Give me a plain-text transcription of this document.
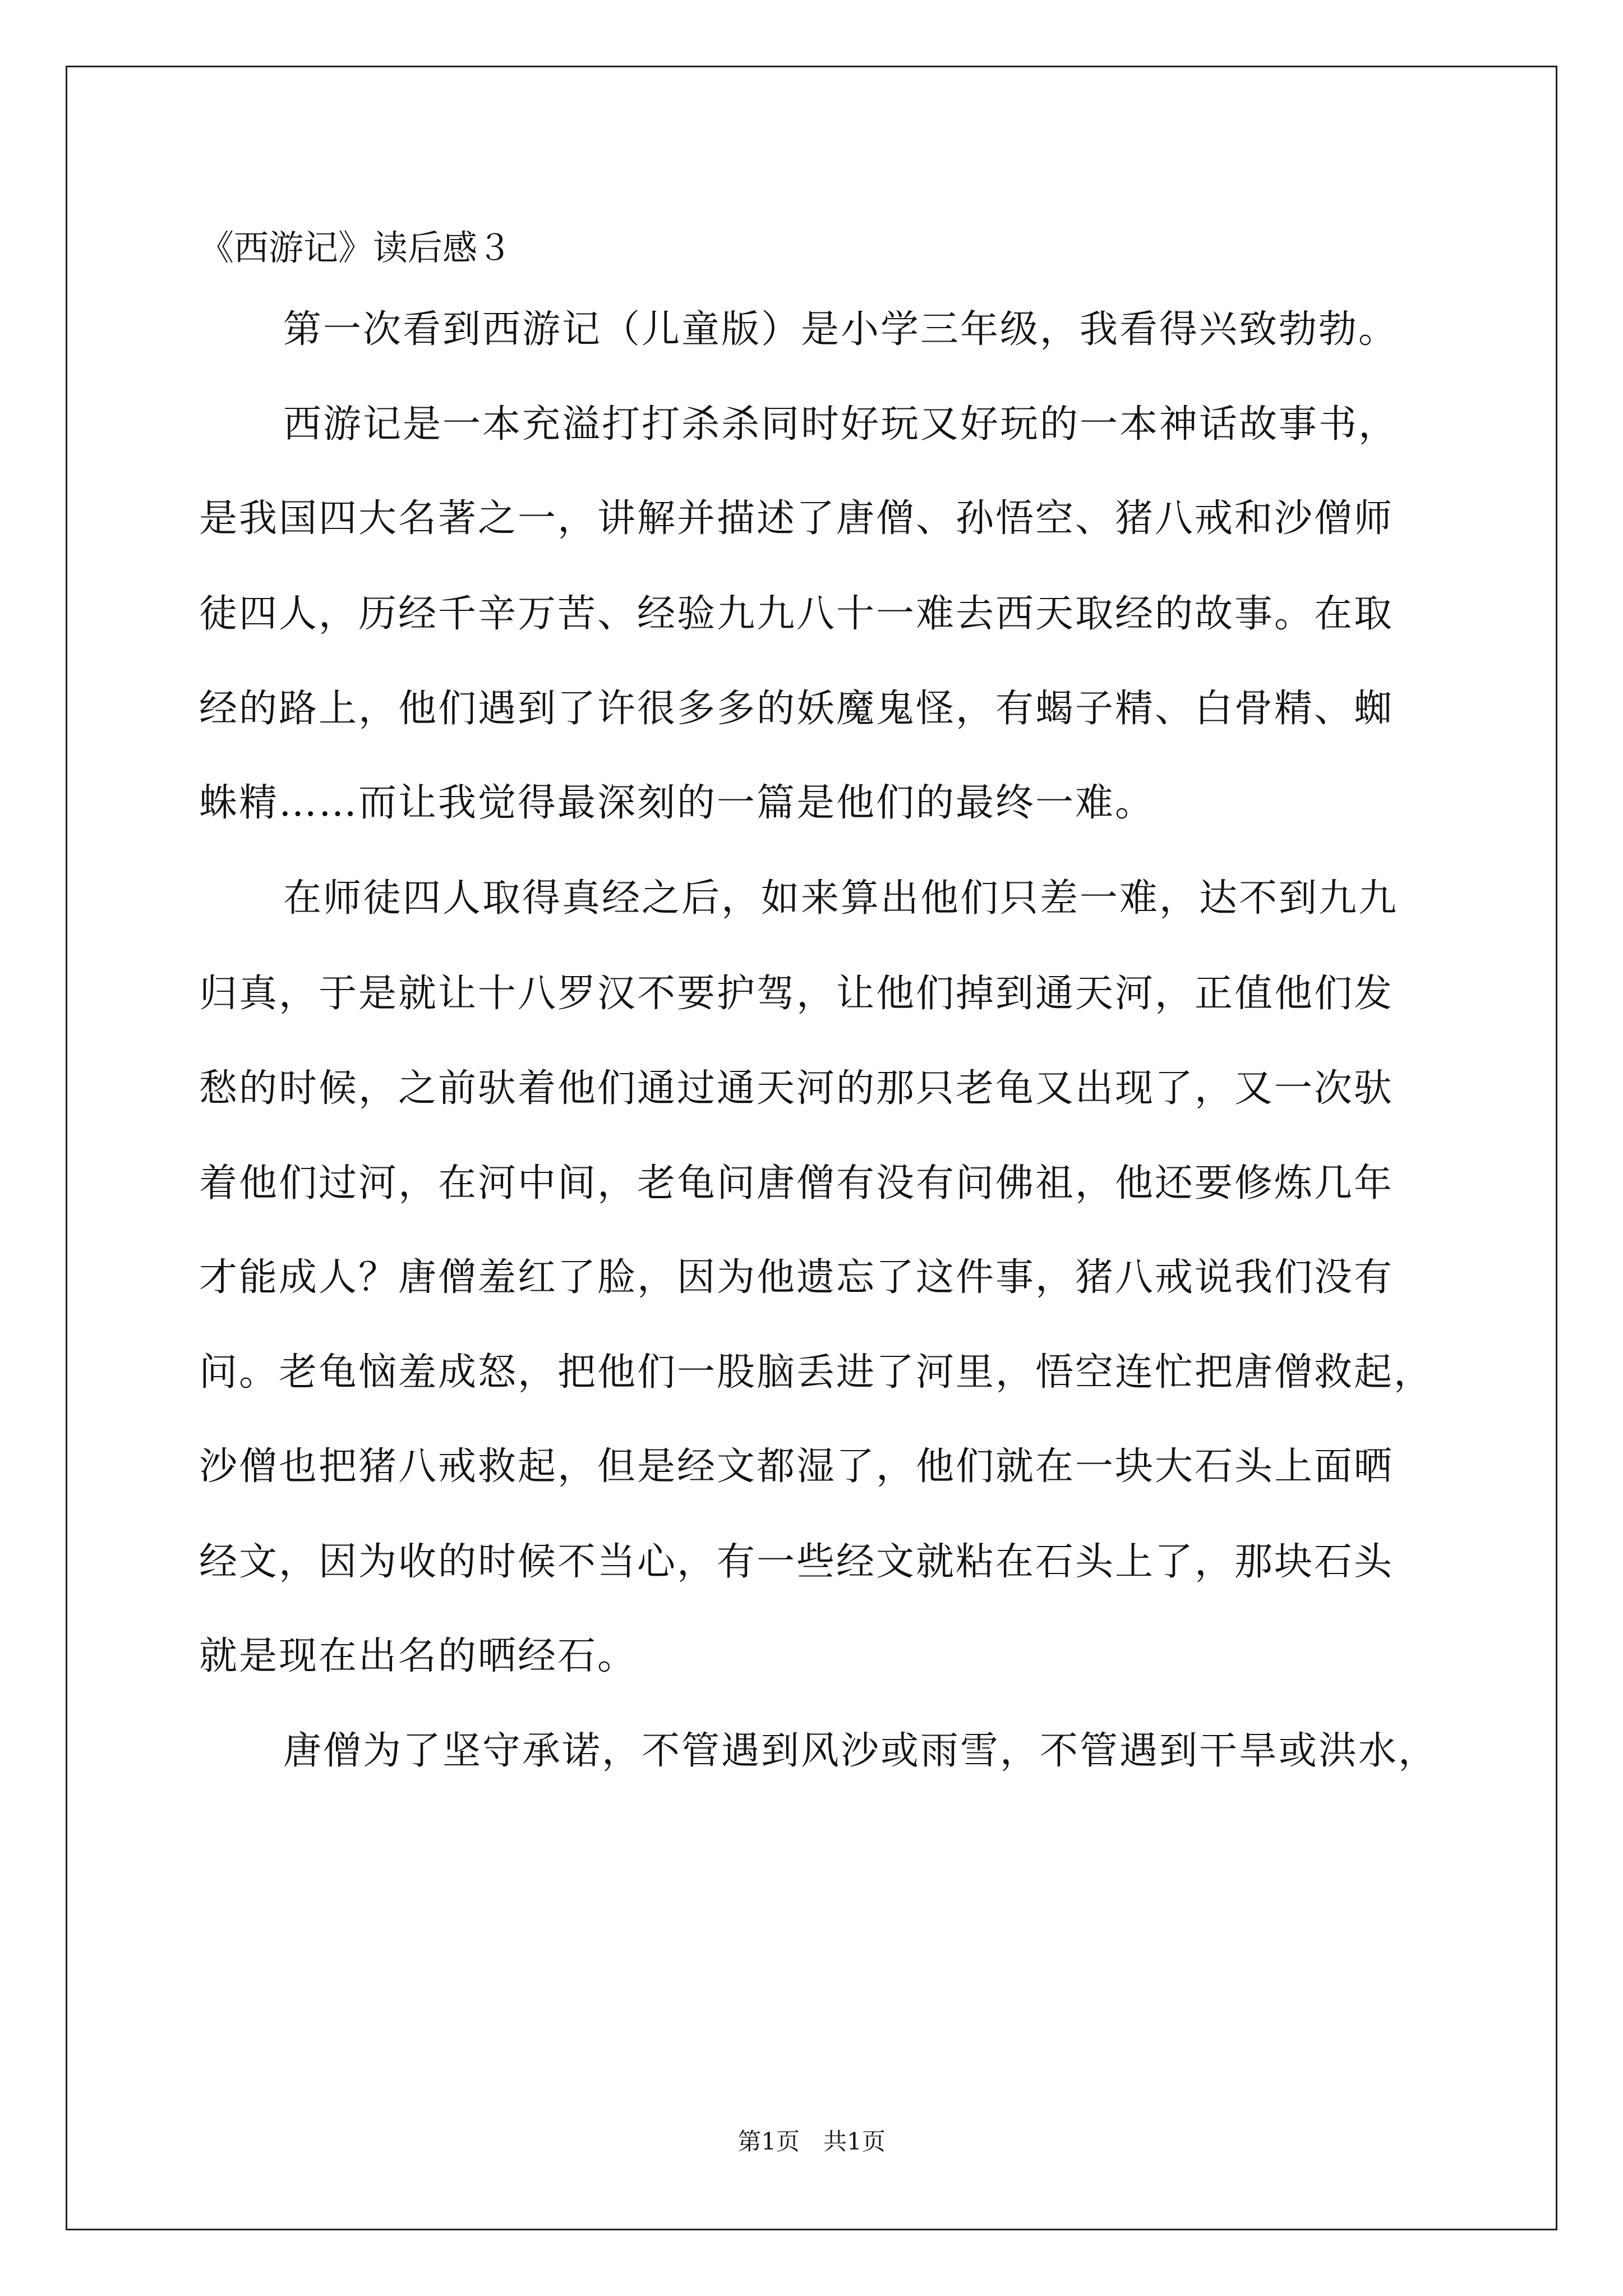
《西游记》读后感３
第一次看到西游记（儿童版）是小学三年级，我看得兴致勃勃。
西游记是一本充溢打打杀杀同时好玩又好玩的一本神话故事书，
是我国四大名著之一，讲解并描述了唐僧、孙悟空、猪八戒和沙僧师
徒四人，历经千辛万苦、经验九九八十一难去西天取经的故事。在取
经的路上，他们遇到了许很多多的妖魔鬼怪，有蝎子精、白骨精、蜘
蛛精……而让我觉得最深刻的一篇是他们的最终一难。
在师徒四人取得真经之后，如来算出他们只差一难，达不到九九
归真，于是就让十八罗汉不要护驾，让他们掉到通天河，正值他们发
愁的时候，之前驮着他们通过通天河的那只老龟又出现了，又一次驮
着他们过河，在河中间，老龟问唐僧有没有问佛祖，他还要修炼几年
才能成人？唐僧羞红了脸，因为他遗忘了这件事，猪八戒说我们没有
问。老龟恼羞成怒，把他们一股脑丢进了河里，悟空连忙把唐僧救起，
沙僧也把猪八戒救起，但是经文都湿了，他们就在一块大石头上面晒
经文，因为收的时候不当心，有一些经文就粘在石头上了，那块石头
就是现在出名的晒经石。
唐僧为了坚守承诺，不管遇到风沙或雨雪，不管遇到干旱或洪水，
第1页　共1页
